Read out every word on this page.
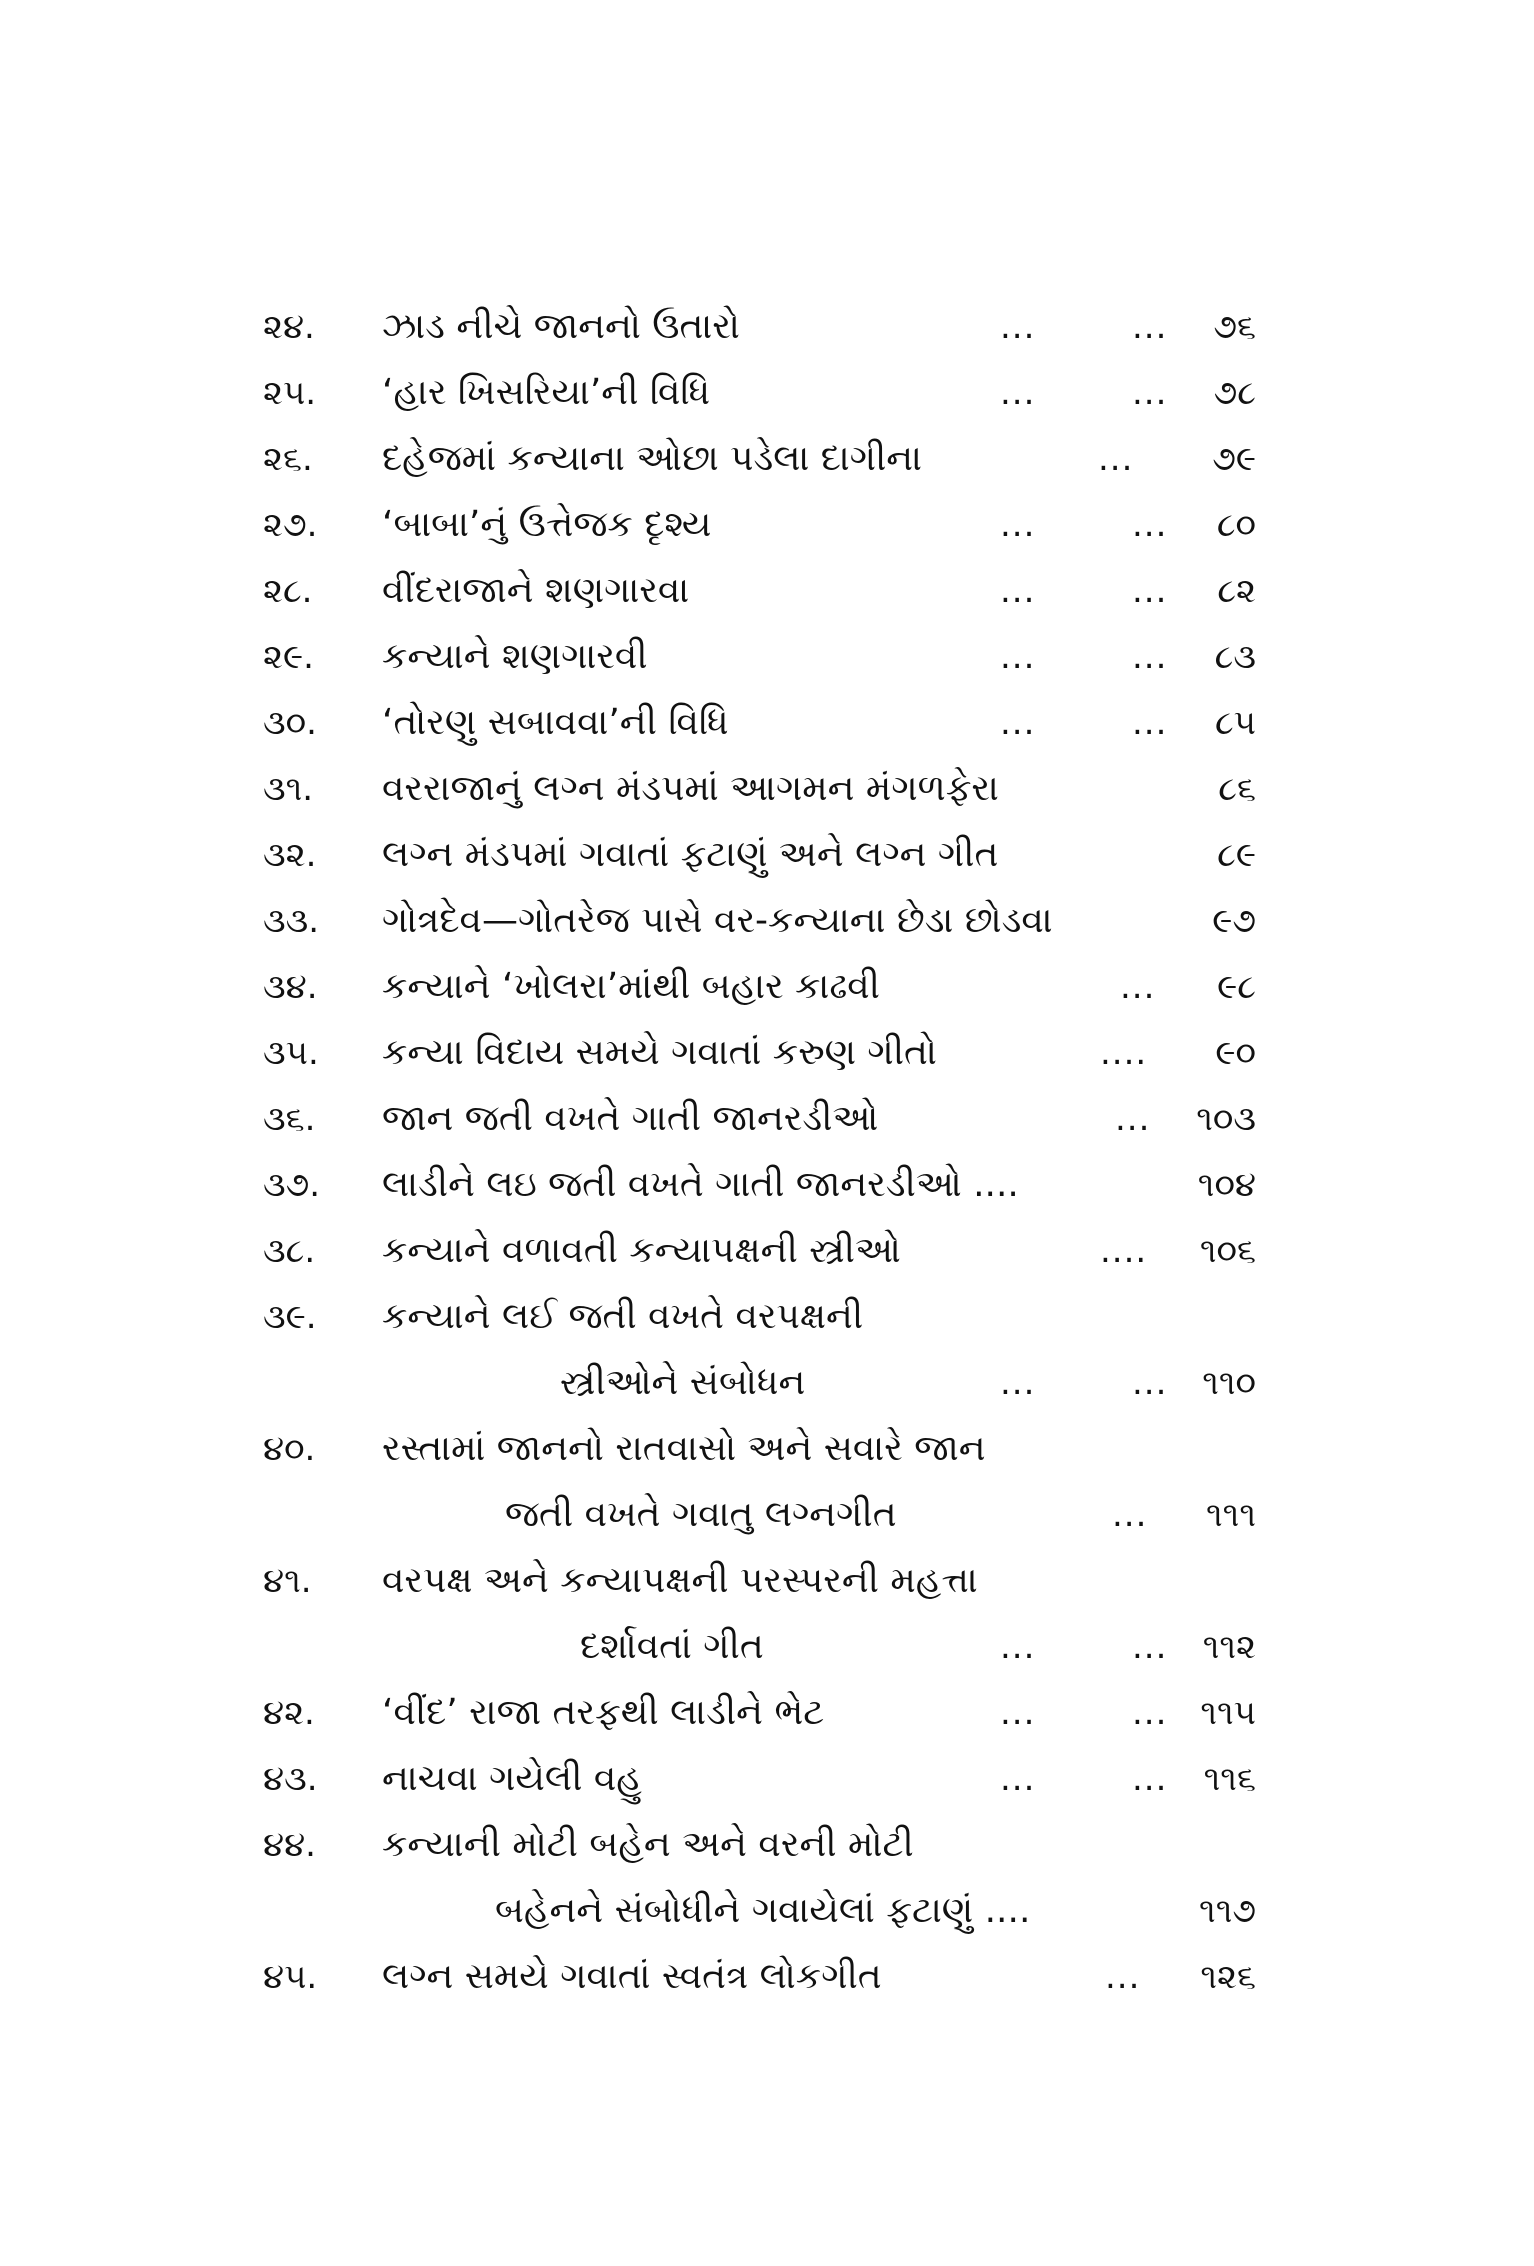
૨૪.	ઝાડ નીચે જાનનો ઉતારો	...	... ૭૬
૨૫.	‘હાર ખિસરિયા’ની વિધિ	...	... ૭૮
૨૬.	દહેજમાં કન્યાના ઓછા પડેલા દાગીના	... ૭૯
૨૭.	‘બાબા’નું ઉત્તેજક દૃશ્ય	...	... ૮૦
૨૮.	વીંદરાજાને શણગારવા	...	... ૮૨
૨૯.	કન્યાને શણગારવી	...	... ૮૩
૩૦.	‘તોરણુ સબાવવા’ની વિધિ	...	... ૮૫
૩૧.	વરરાજાનું લગ્ન મંડપમાં આગમન મંગળફેરા	૮૬
૩૨.	લગ્ન મંડપમાં ગવાતાં ફટાણું અને લગ્ન ગીત	૮૯
૩૩.	ગોત્રદેવ—ગોતરેજ પાસે વર-કન્યાના છેડા છોડવા	૯૭
૩૪.	કન્યાને ‘ખોલરા’માંથી બહાર કાઢવી	... ૯૮
૩૫.	કન્યા વિદાય સમયે ગવાતાં કરુણ ગીતો	.... ૯૦
૩૬.	જાન જતી વખતે ગાતી જાનરડીઓ	... ૧૦૩
૩૭.	લાડીને લઇ જતી વખતે ગાતી જાનરડીઓ ....	૧૦૪
૩૮.	કન્યાને વળાવતી કન્યાપક્ષની સ્ત્રીઓ	.... ૧૦૬
૩૯.	કન્યાને લઈ જતી વખતે વરપક્ષની
સ્ત્રીઓને સંબોધન	...	... ૧૧૦
૪૦.	રસ્તામાં જાનનો રાતવાસો અને સવારે જાન
જતી વખતે ગવાતુ લગ્નગીત	... ૧૧૧
૪૧.	વરપક્ષ અને કન્યાપક્ષની પરસ્પરની મહત્તા
દર્શાવતાં ગીત	...	... ૧૧૨
૪૨.	‘વીંદ’ રાજા તરફથી લાડીને ભેટ	...	... ૧૧૫
૪૩.	નાચવા ગયેલી વહુ	...	... ૧૧૬
૪૪.	કન્યાની મોટી બહેન અને વરની મોટી
બહેનને સંબોધીને ગવાયેલાં ફટાણું ....	૧૧૭
૪૫.	લગ્ન સમયે ગવાતાં સ્વતંત્ર લોકગીત	... ૧૨૬
